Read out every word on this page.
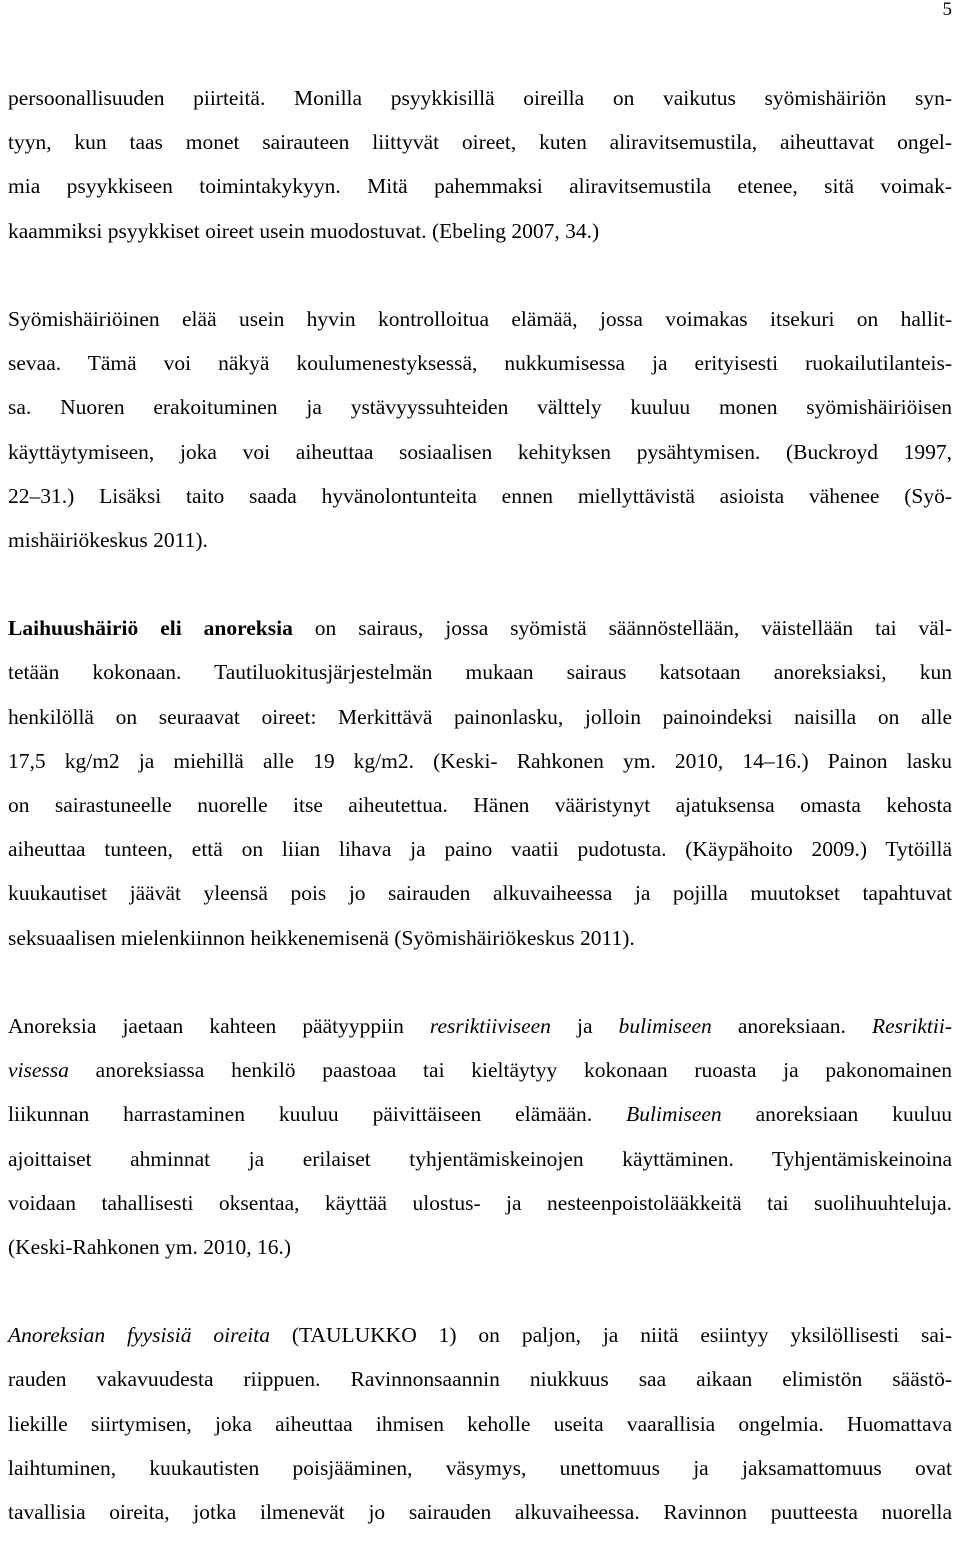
5
persoonallisuuden piirteitä. Monilla psyykkisillä oireilla on vaikutus syömishäiriön syn-
tyyn, kun taas monet sairauteen liittyvät oireet, kuten aliravitsemustila, aiheuttavat ongel-
mia psyykkiseen toimintakykyyn. Mitä pahemmaksi aliravitsemustila etenee, sitä voimak-
kaammiksi psyykkiset oireet usein muodostuvat. (Ebeling 2007, 34.)
Syömishäiriöinen elää usein hyvin kontrolloitua elämää, jossa voimakas itsekuri on hallit-
sevaa. Tämä voi näkyä koulumenestyksessä, nukkumisessa ja erityisesti ruokailutilanteis-
sa. Nuoren erakoituminen ja ystävyyssuhteiden välttely kuuluu monen syömishäiriöisen
käyttäytymiseen, joka voi aiheuttaa sosiaalisen kehityksen pysähtymisen. (Buckroyd 1997,
22–31.) Lisäksi taito saada hyvänolontunteita ennen miellyttävistä asioista vähenee (Syö-
mishäiriökeskus 2011).
Laihuushäiriö eli anoreksia on sairaus, jossa syömistä säännöstellään, väistellään tai väl-
tetään kokonaan. Tautiluokitusjärjestelmän mukaan sairaus katsotaan anoreksiaksi, kun
henkilöllä on seuraavat oireet: Merkittävä painonlasku, jolloin painoindeksi naisilla on alle
17,5 kg/m2 ja miehillä alle 19 kg/m2. (Keski- Rahkonen ym. 2010, 14–16.) Painon lasku
on sairastuneelle nuorelle itse aiheutettua. Hänen vääristynyt ajatuksensa omasta kehosta
aiheuttaa tunteen, että on liian lihava ja paino vaatii pudotusta. (Käypähoito 2009.) Tytöillä
kuukautiset jäävät yleensä pois jo sairauden alkuvaiheessa ja pojilla muutokset tapahtuvat
seksuaalisen mielenkiinnon heikkenemisenä (Syömishäiriökeskus 2011).
Anoreksia jaetaan kahteen päätyyppiin resriktiiviseen ja bulimiseen anoreksiaan. Resriktii-
visessa anoreksiassa henkilö paastoaa tai kieltäytyy kokonaan ruoasta ja pakonomainen
liikunnan harrastaminen kuuluu päivittäiseen elämään. Bulimiseen anoreksiaan kuuluu
ajoittaiset ahminnat ja erilaiset tyhjentämiskeinojen käyttäminen. Tyhjentämiskeinoina
voidaan tahallisesti oksentaa, käyttää ulostus- ja nesteenpoistolääkkeitä tai suolihuuhteluja.
(Keski-Rahkonen ym. 2010, 16.)
Anoreksian fyysisiä oireita (TAULUKKO 1) on paljon, ja niitä esiintyy yksilöllisesti sai-
rauden vakavuudesta riippuen. Ravinnonsaannin niukkuus saa aikaan elimistön säästö-
liekille siirtymisen, joka aiheuttaa ihmisen keholle useita vaarallisia ongelmia. Huomattava
laihtuminen, kuukautisten poisjääminen, väsymys, unettomuus ja jaksamattomuus ovat
tavallisia oireita, jotka ilmenevät jo sairauden alkuvaiheessa. Ravinnon puutteesta nuorella
